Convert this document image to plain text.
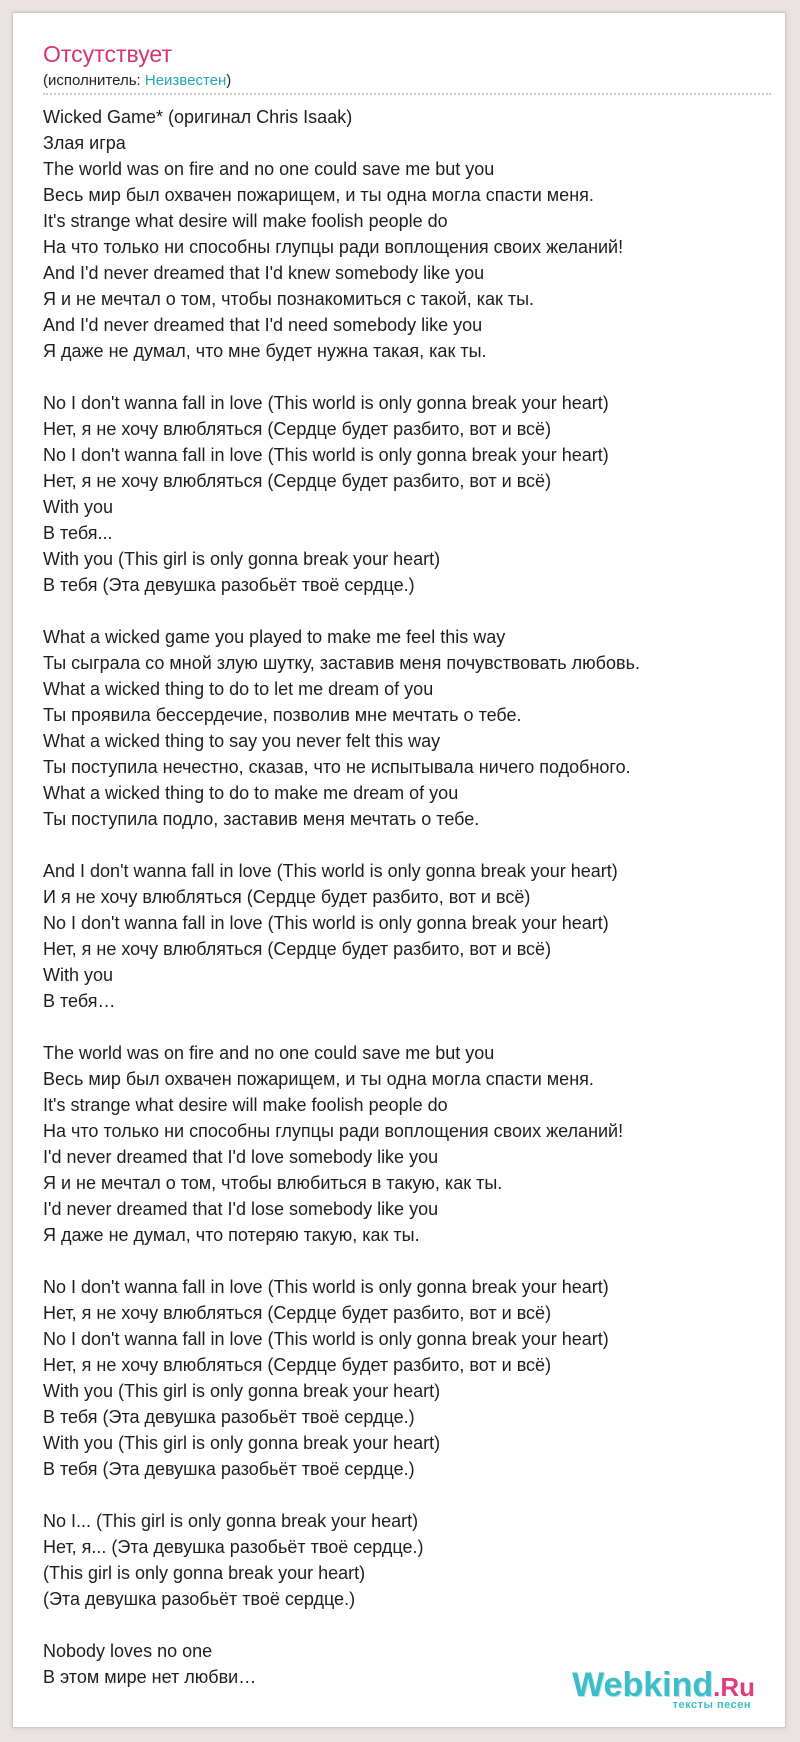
Отсутствует
(исполнитель: Неизвестен)
Wicked Game* (оригинал Chris Isaak)
Злая игра
The world was on fire and no one could save me but you
Весь мир был охвачен пожарищем, и ты одна могла спасти меня.
It's strange what desire will make foolish people do
На что только ни способны глупцы ради воплощения своих желаний!
And I'd never dreamed that I'd knew somebody like you
Я и не мечтал о том, чтобы познакомиться с такой, как ты.
And I'd never dreamed that I'd need somebody like you
Я даже не думал, что мне будет нужна такая, как ты.
No I don't wanna fall in love (This world is only gonna break your heart)
Нет, я не хочу влюбляться (Сердце будет разбито, вот и всё)
No I don't wanna fall in love (This world is only gonna break your heart)
Нет, я не хочу влюбляться (Сердце будет разбито, вот и всё)
With you
В тебя...
With you (This girl is only gonna break your heart)
В тебя (Эта девушка разобьёт твоё сердце.)
What a wicked game you played to make me feel this way
Ты сыграла со мной злую шутку, заставив меня почувствовать любовь.
What a wicked thing to do to let me dream of you
Ты проявила бессердечие, позволив мне мечтать о тебе.
What a wicked thing to say you never felt this way
Ты поступила нечестно, сказав, что не испытывала ничего подобного.
What a wicked thing to do to make me dream of you
Ты поступила подло, заставив меня мечтать о тебе.
And I don't wanna fall in love (This world is only gonna break your heart)
И я не хочу влюбляться (Сердце будет разбито, вот и всё)
No I don't wanna fall in love (This world is only gonna break your heart)
Нет, я не хочу влюбляться (Сердце будет разбито, вот и всё)
With you
В тебя…
The world was on fire and no one could save me but you
Весь мир был охвачен пожарищем, и ты одна могла спасти меня.
It's strange what desire will make foolish people do
На что только ни способны глупцы ради воплощения своих желаний!
I'd never dreamed that I'd love somebody like you
Я и не мечтал о том, чтобы влюбиться в такую, как ты.
I'd never dreamed that I'd lose somebody like you
Я даже не думал, что потеряю такую, как ты.
No I don't wanna fall in love (This world is only gonna break your heart)
Нет, я не хочу влюбляться (Сердце будет разбито, вот и всё)
No I don't wanna fall in love (This world is only gonna break your heart)
Нет, я не хочу влюбляться (Сердце будет разбито, вот и всё)
With you (This girl is only gonna break your heart)
В тебя (Эта девушка разобьёт твоё сердце.)
With you (This girl is only gonna break your heart)
В тебя (Эта девушка разобьёт твоё сердце.)
No I... (This girl is only gonna break your heart)
Нет, я... (Эта девушка разобьёт твоё сердце.)
(This girl is only gonna break your heart)
(Эта девушка разобьёт твоё сердце.)
Nobody loves no one
В этом мире нет любви…	Webkind.Ru
тексты песен
